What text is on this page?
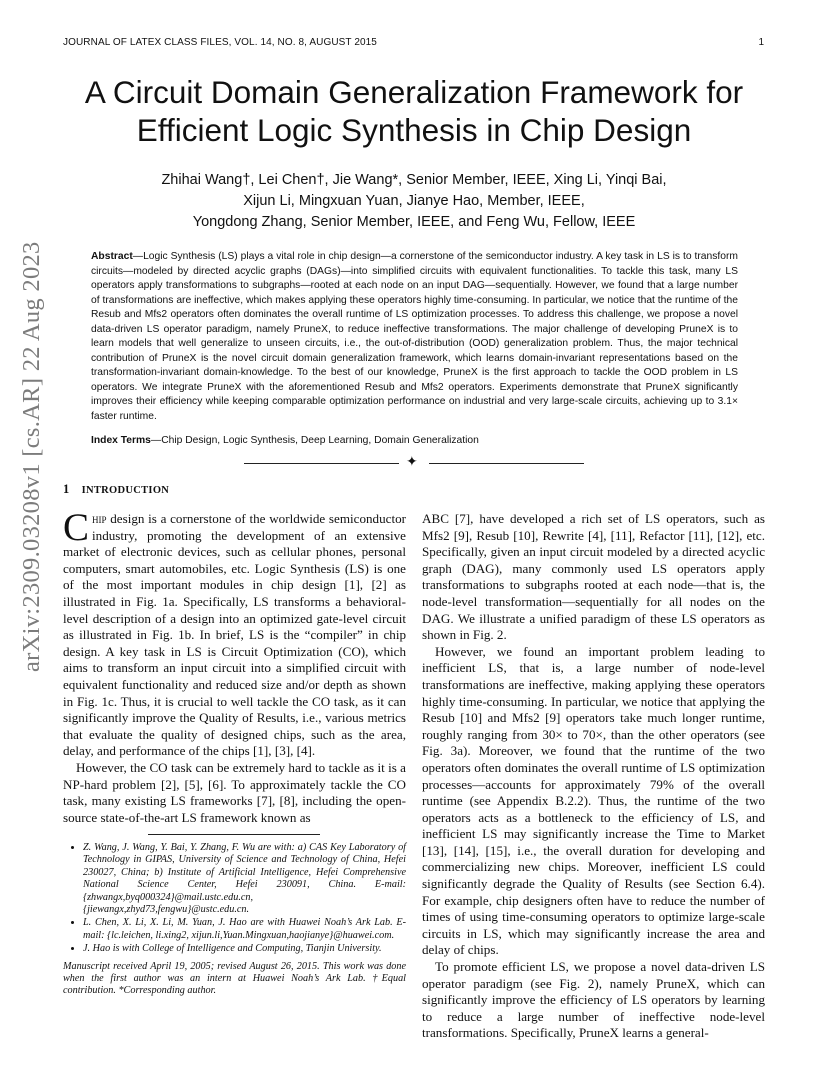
JOURNAL OF LATEX CLASS FILES, VOL. 14, NO. 8, AUGUST 2015	1
A Circuit Domain Generalization Framework for
Efficient Logic Synthesis in Chip Design
Zhihai Wang†, Lei Chen†, Jie Wang*, Senior Member, IEEE, Xing Li, Yinqi Bai,
Xijun Li, Mingxuan Yuan, Jianye Hao, Member, IEEE,
Yongdong Zhang, Senior Member, IEEE, and Feng Wu, Fellow, IEEE
Abstract—Logic Synthesis (LS) plays a vital role in chip design—a cornerstone of the semiconductor industry. A key task in LS is to transform circuits—modeled by directed acyclic graphs (DAGs)—into simplified circuits with equivalent functionalities. To tackle this task, many LS operators apply transformations to subgraphs—rooted at each node on an input DAG—sequentially. However, we found that a large number of transformations are ineffective, which makes applying these operators highly time-consuming. In particular, we notice that the runtime of the Resub and Mfs2 operators often dominates the overall runtime of LS optimization processes. To address this challenge, we propose a novel data-driven LS operator paradigm, namely PruneX, to reduce ineffective transformations. The major challenge of developing PruneX is to learn models that well generalize to unseen circuits, i.e., the out-of-distribution (OOD) generalization problem. Thus, the major technical contribution of PruneX is the novel circuit domain generalization framework, which learns domain-invariant representations based on the transformation-invariant domain-knowledge. To the best of our knowledge, PruneX is the first approach to tackle the OOD problem in LS operators. We integrate PruneX with the aforementioned Resub and Mfs2 operators. Experiments demonstrate that PruneX significantly improves their efficiency while keeping comparable optimization performance on industrial and very large-scale circuits, achieving up to 3.1× faster runtime.
Index Terms—Chip Design, Logic Synthesis, Deep Learning, Domain Generalization
✦
arXiv:2309.03208v1 [cs.AR] 22 Aug 2023 1 INTRODUCTION

Chip design is a cornerstone of the worldwide semiconductor industry, promoting the development of an extensive market of electronic devices, such as cellular phones, personal computers, smart automobiles, etc. Logic Synthesis (LS) is one of the most important modules in chip design [1], [2] as illustrated in Fig. 1a. Specifically, LS transforms a behavioral-level description of a design into an optimized gate-level circuit as illustrated in Fig. 1b. In brief, LS is the “compiler” in chip design. A key task in LS is Circuit Optimization (CO), which aims to transform an input circuit into a simplified circuit with equivalent functionality and reduced size and/or depth as shown in Fig. 1c. Thus, it is crucial to well tackle the CO task, as it can significantly improve the Quality of Results, i.e., various metrics that evaluate the quality of designed chips, such as the area, delay, and performance of the chips [1], [3], [4].

However, the CO task can be extremely hard to tackle as it is a NP-hard problem [2], [5], [6]. To approximately tackle the CO task, many existing LS frameworks [7], [8], including the open-source state-of-the-art LS framework known as

ABC [7], have developed a rich set of LS operators, such as Mfs2 [9], Resub [10], Rewrite [4], [11], Refactor [11], [12], etc. Specifically, given an input circuit modeled by a directed acyclic graph (DAG), many commonly used LS operators apply transformations to subgraphs rooted at each node—that is, the node-level transformation—sequentially for all nodes on the DAG. We illustrate a unified paradigm of these LS operators as shown in Fig. 2.

However, we found an important problem leading to inefficient LS, that is, a large number of node-level transformations are ineffective, making applying these operators highly time-consuming. In particular, we notice that applying the Resub [10] and Mfs2 [9] operators take much longer runtime, roughly ranging from 30× to 70×, than the other operators (see Fig. 3a). Moreover, we found that the runtime of the two operators often dominates the overall runtime of LS optimization processes—accounts for approximately 79% of the overall runtime (see Appendix B.2.2). Thus, the runtime of the two operators acts as a bottleneck to the efficiency of LS, and inefficient LS may significantly increase the Time to Market [13], [14], [15], i.e., the overall duration for developing and commercializing new chips. Moreover, inefficient LS could significantly degrade the Quality of Results (see Section 6.4). For example, chip designers often have to reduce the number of times of using time-consuming operators to optimize large-scale circuits in LS, which may significantly increase the area and delay of chips.

To promote efficient LS, we propose a novel data-driven LS operator paradigm (see Fig. 2), namely PruneX, which can significantly improve the efficiency of LS operators by learning to reduce a large number of ineffective node-level transformations. Specifically, PruneX learns a general-

• Z. Wang, J. Wang, Y. Bai, Y. Zhang, F. Wu are with: a) CAS Key Laboratory of Technology in GIPAS, University of Science and Technology of China, Hefei 230027, China; b) Institute of Artificial Intelligence, Hefei Comprehensive National Science Center, Hefei 230091, China. E-mail: {zhwangx,byq000324}@mail.ustc.edu.cn, {jiewangx,zhyd73,fengwu}@ustc.edu.cn.
• L. Chen, X. Li, X. Li, M. Yuan, J. Hao are with Huawei Noah’s Ark Lab. E-mail: {lc.leichen, li.xing2, xijun.li,Yuan.Mingxuan,haojianye}@huawei.com.
• J. Hao is with College of Intelligence and Computing, Tianjin University.
Manuscript received April 19, 2005; revised August 26, 2015. This work was done when the first author was an intern at Huawei Noah’s Ark Lab. †Equal contribution. *Corresponding author.
